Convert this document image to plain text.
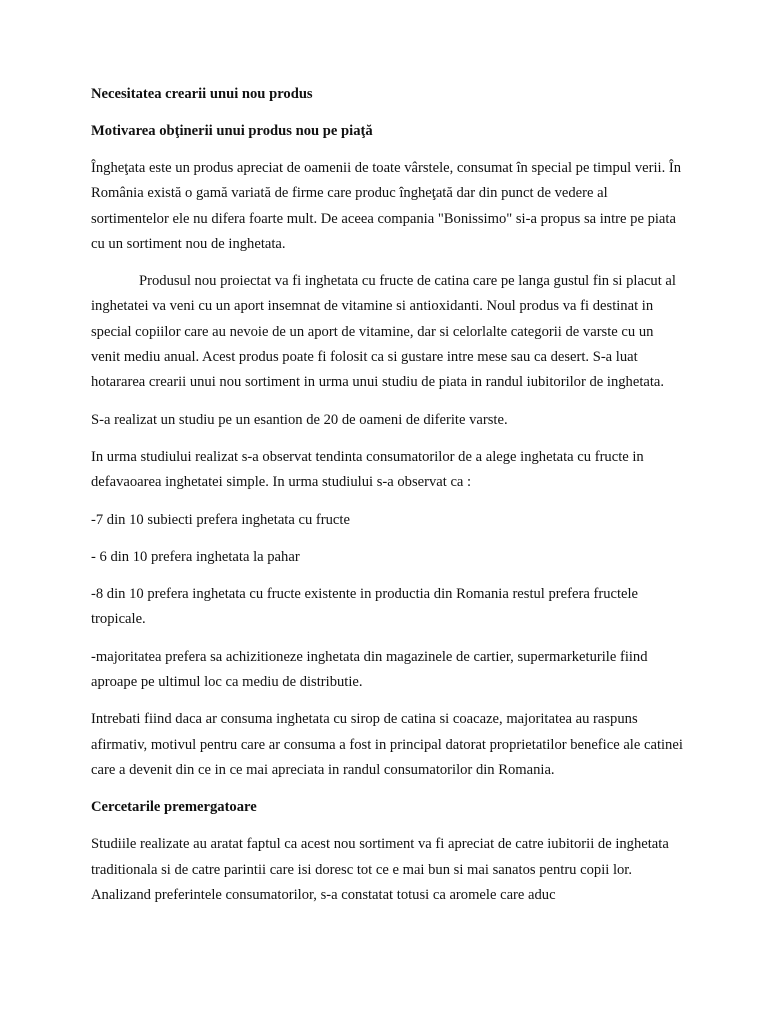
Necesitatea crearii unui nou produs
Motivarea obţinerii unui produs nou pe piaţă
Îngheţata este un produs apreciat de oamenii de toate vârstele, consumat în special pe timpul verii. În România există o gamă variată de firme care produc îngheţată dar din punct de vedere al sortimentelor ele nu difera foarte mult. De aceea compania "Bonissimo" si-a propus sa intre pe piata cu un sortiment nou de inghetata.
Produsul nou proiectat va fi inghetata cu fructe de catina care pe langa gustul fin si placut al inghetatei va veni cu un aport insemnat de vitamine si antioxidanti. Noul produs va fi destinat in special copiilor care au nevoie de un aport de vitamine, dar si celorlalte categorii de varste cu un venit mediu anual. Acest produs poate fi folosit ca si gustare intre mese sau ca desert. S-a luat hotararea crearii unui nou sortiment in urma unui studiu de piata in randul iubitorilor de inghetata.
S-a realizat un studiu pe un esantion de 20 de oameni de diferite varste.
In urma studiului realizat s-a observat tendinta consumatorilor de a alege inghetata cu fructe in defavaoarea inghetatei simple. In urma studiului s-a observat ca :
-7 din 10 subiecti prefera inghetata cu fructe
- 6 din 10 prefera inghetata la pahar
-8 din 10 prefera inghetata cu fructe existente in productia din Romania restul prefera fructele tropicale.
-majoritatea prefera sa achizitioneze inghetata din magazinele de cartier, supermarketurile fiind aproape pe ultimul loc ca mediu de distributie.
Intrebati fiind daca ar consuma inghetata cu sirop de catina si coacaze, majoritatea au raspuns afirmativ, motivul pentru care ar consuma a fost in principal datorat proprietatilor benefice ale catinei care a devenit din ce in ce mai apreciata in randul consumatorilor din Romania.
Cercetarile premergatoare
Studiile realizate au aratat faptul ca acest nou sortiment va fi apreciat de catre iubitorii de inghetata traditionala si de catre parintii care isi doresc tot ce e mai bun si mai sanatos pentru copii lor. Analizand preferintele consumatorilor, s-a constatat totusi ca aromele care aduc
